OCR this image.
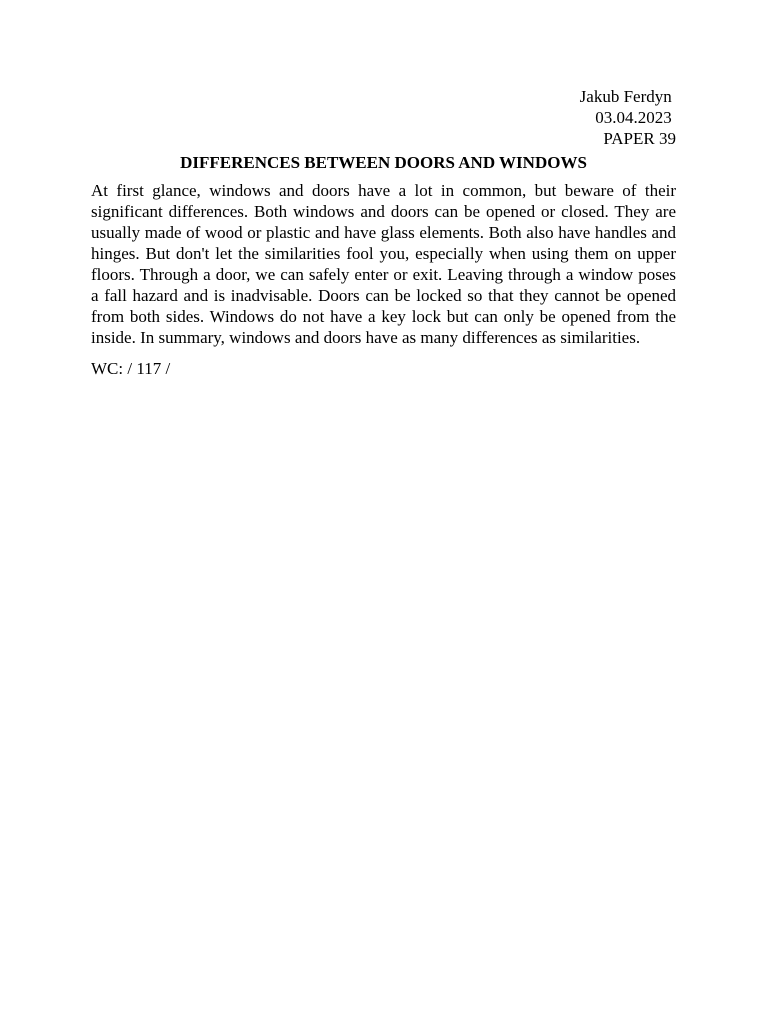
Jakub Ferdyn
03.04.2023
PAPER 39
DIFFERENCES BETWEEN DOORS AND WINDOWS

At first glance, windows and doors have a lot in common, but beware of their significant differences. Both windows and doors can be opened or closed. They are usually made of wood or plastic and have glass elements. Both also have handles and hinges. But don't let the similarities fool you, especially when using them on upper floors. Through a door, we can safely enter or exit. Leaving through a window poses a fall hazard and is inadvisable. Doors can be locked so that they cannot be opened from both sides. Windows do not have a key lock but can only be opened from the inside. In summary, windows and doors have as many differences as similarities.

WC: / 117 /
